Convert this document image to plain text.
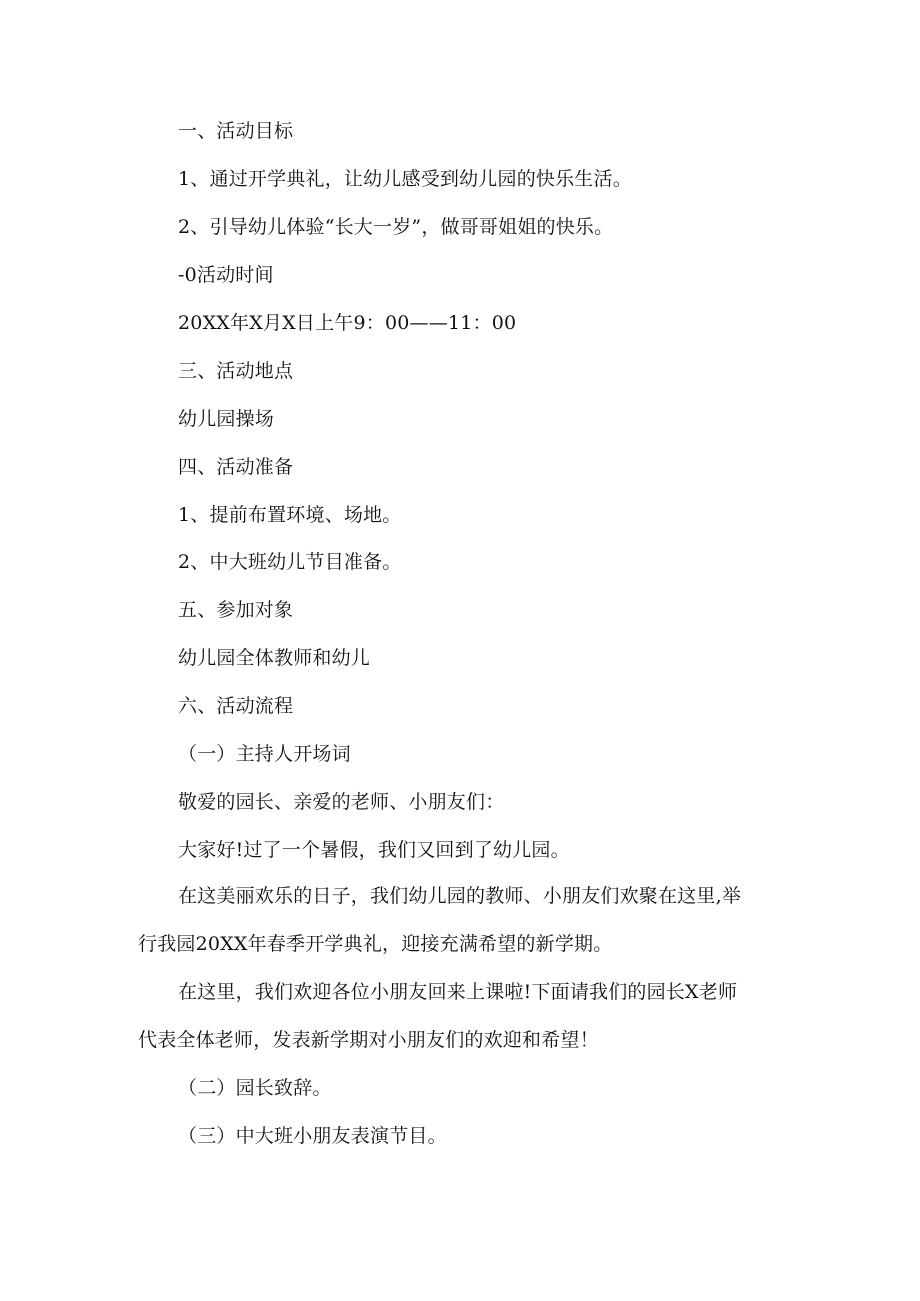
一、活动目标
1、通过开学典礼，让幼儿感受到幼儿园的快乐生活。
2、引导幼儿体验“长大一岁”，做哥哥姐姐的快乐。
-0活动时间
20XX年X月X日上午9：00——11：00
三、活动地点
幼儿园操场
四、活动准备
1、提前布置环境、场地。
2、中大班幼儿节目准备。
五、参加对象
幼儿园全体教师和幼儿
六、活动流程
（一）主持人开场词
敬爱的园长、亲爱的老师、小朋友们：
大家好!过了一个暑假，我们又回到了幼儿园。
在这美丽欢乐的日子，我们幼儿园的教师、小朋友们欢聚在这里,举
行我园20XX年春季开学典礼，迎接充满希望的新学期。
在这里，我们欢迎各位小朋友回来上课啦!下面请我们的园长X老师
代表全体老师，发表新学期对小朋友们的欢迎和希望！
（二）园长致辞。
（三）中大班小朋友表演节目。
